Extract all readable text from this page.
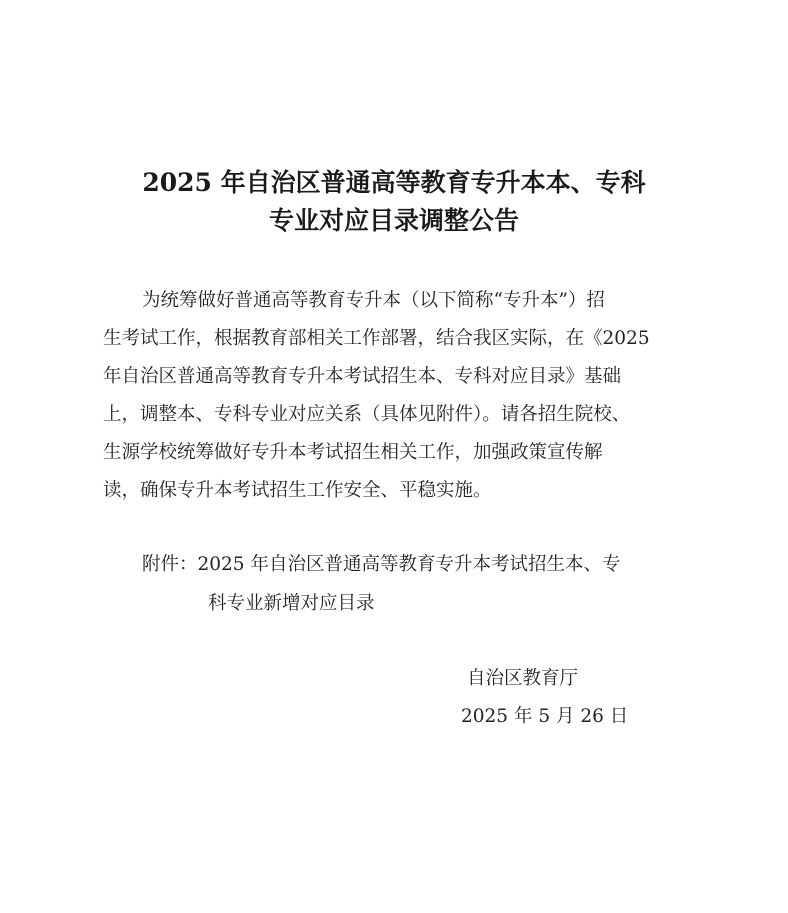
2025 年自治区普通高等教育专升本本、专科
专业对应目录调整公告
为统筹做好普通高等教育专升本（以下简称“专升本”）招
生考试工作，根据教育部相关工作部署，结合我区实际，在《2025
年自治区普通高等教育专升本考试招生本、专科对应目录》基础
上，调整本、专科专业对应关系（具体见附件）。请各招生院校、
生源学校统筹做好专升本考试招生相关工作，加强政策宣传解
读，确保专升本考试招生工作安全、平稳实施。
附件：2025 年自治区普通高等教育专升本考试招生本、专
科专业新增对应目录
自治区教育厅
2025 年 5 月 26 日
